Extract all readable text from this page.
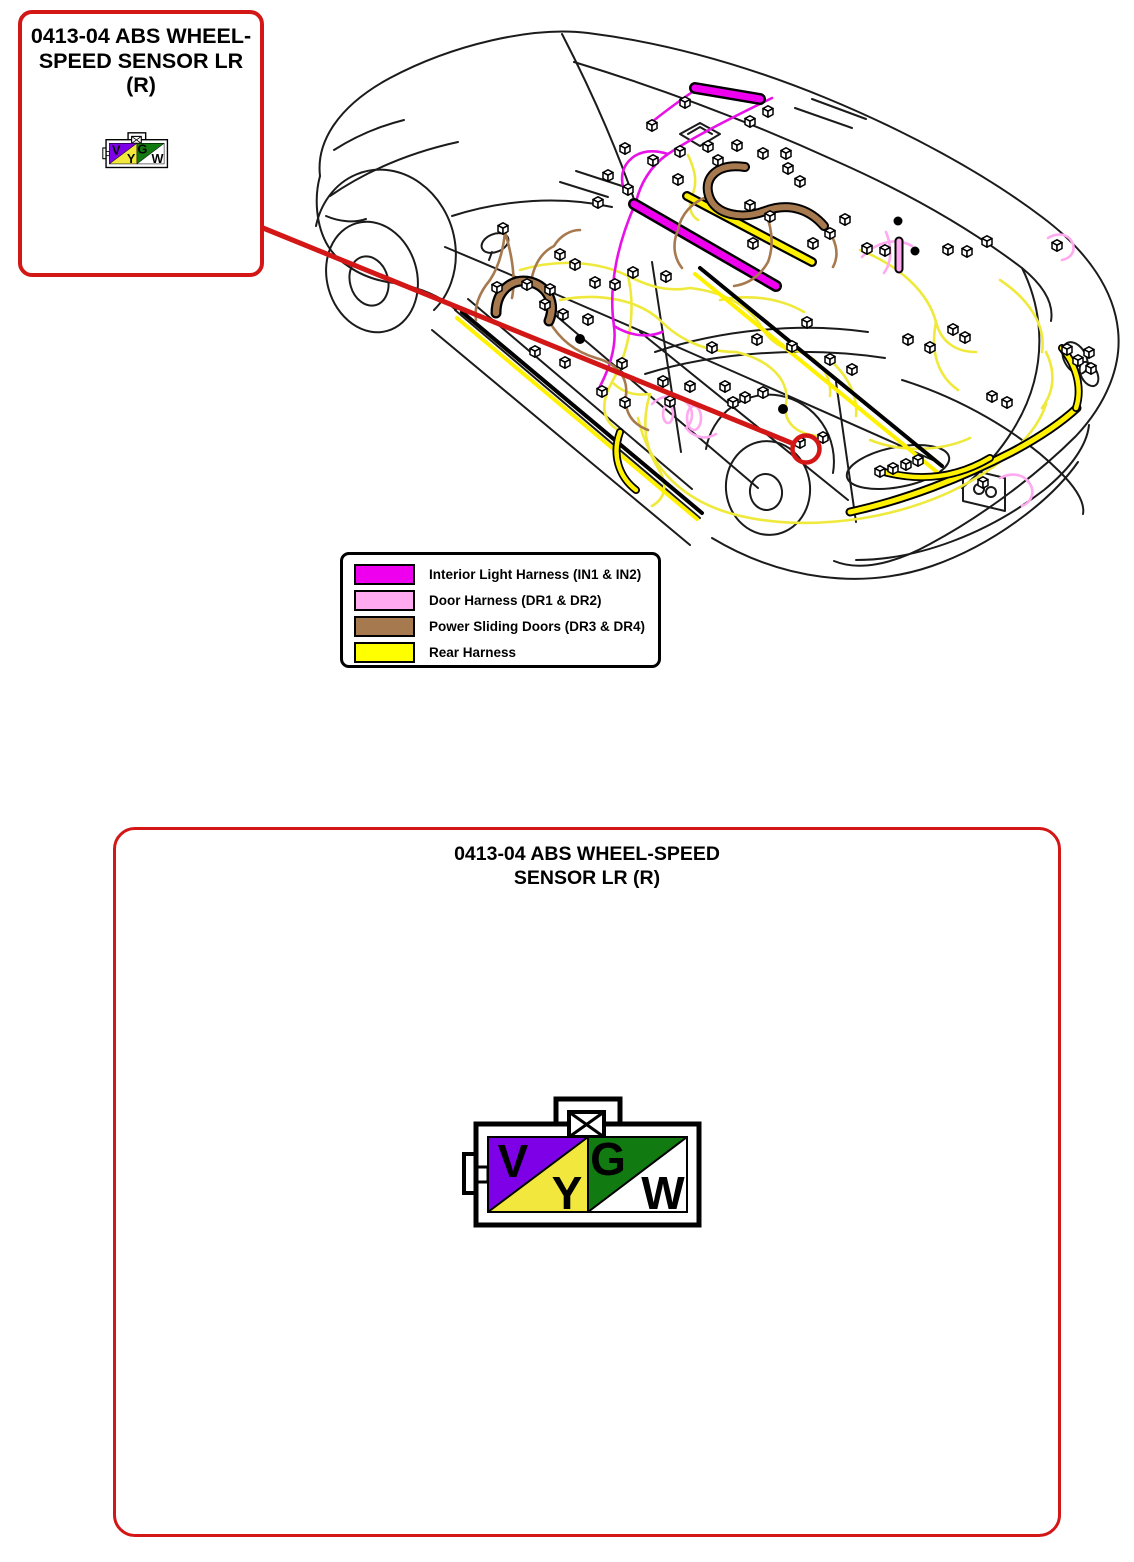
0413-04 ABS WHEEL-
SPEED SENSOR LR
(R)
Interior Light Harness (IN1 & IN2)
Door Harness (DR1 & DR2)
Power Sliding Doors (DR3 & DR4)
Rear Harness
0413-04 ABS WHEEL-SPEED
SENSOR LR (R)
